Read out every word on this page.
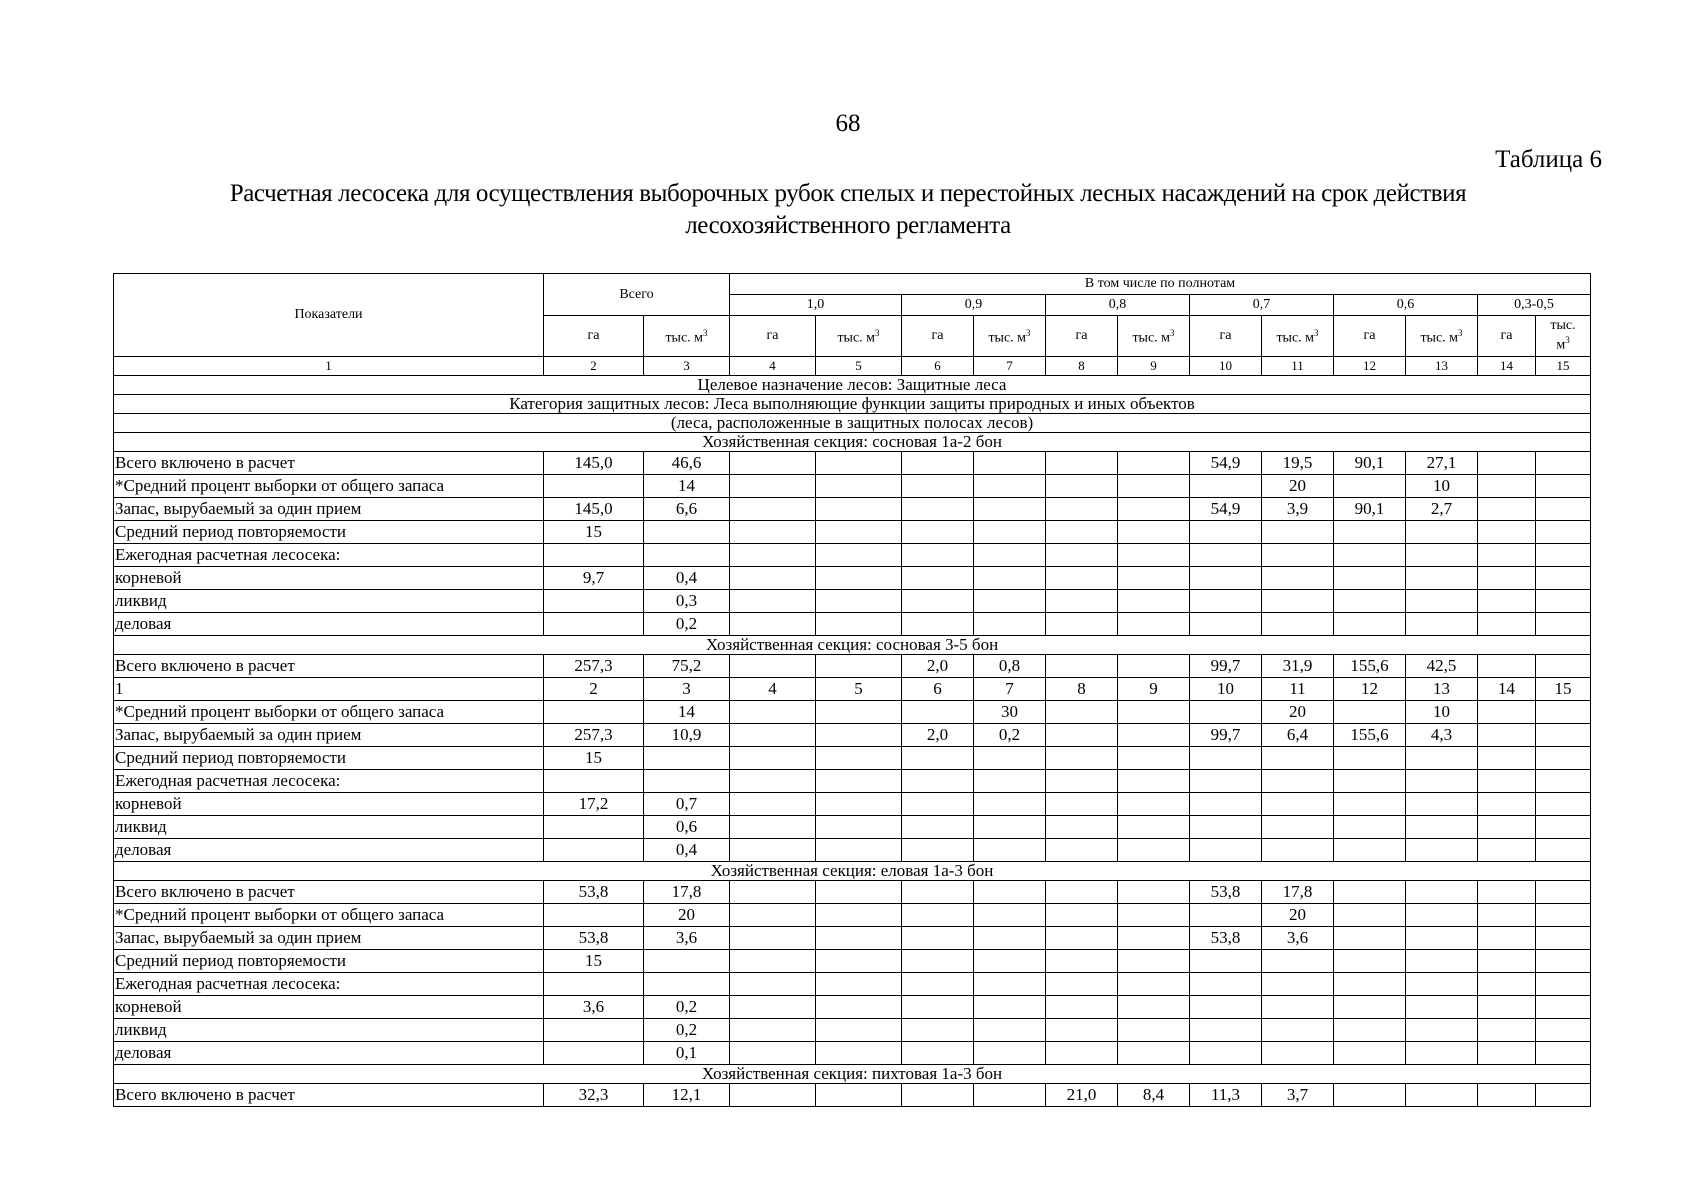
68
Таблица 6
Расчетная лесосека для осуществления выборочных рубок спелых и перестойных лесных насаждений на срок действия
лесохозяйственного регламента
Показатели	Всего		В том числе по полнотам											
			1,0		0,9		0,8		0,7		0,6		0,3-0,5	
	га	тыс. $м^3$	га	тыс. $м^3$	га	тыс. $м^3$	га	тыс. $м^3$	га	тыс. $м^3$	га	тыс. $м^3$	га	тыс.
$м^3$

1	2	3	4	5	6	7	8	9	10	11	12	13	14	15
Целевое назначение лесов: Защитные леса														
Категория защитных лесов: Леса выполняющие функции защиты природных и иных объектов														
(леса, расположенные в защитных полосах лесов)														
Хозяйственная секция: сосновая 1а-2 бон														
Всего включено в расчет	145,0	46,6							54,9	19,5	90,1	27,1		
*Средний процент выборки от общего запаса		14								20		10		
Запас, вырубаемый за один прием	145,0	6,6							54,9	3,9	90,1	2,7		
Средний период повторяемости	15													
Ежегодная расчетная лесосека:														
корневой	9,7	0,4												
ликвид		0,3												
деловая		0,2												
Хозяйственная секция: сосновая 3-5 бон														
Всего включено в расчет	257,3	75,2			2,0	0,8			99,7	31,9	155,6	42,5		
1	2	3	4	5	6	7	8	9	10	11	12	13	14	15
*Средний процент выборки от общего запаса		14				30				20		10		
Запас, вырубаемый за один прием	257,3	10,9			2,0	0,2			99,7	6,4	155,6	4,3		
Средний период повторяемости	15													
Ежегодная расчетная лесосека:														
корневой	17,2	0,7												
ликвид		0,6												
деловая		0,4												
Хозяйственная секция: еловая 1а-3 бон														
Всего включено в расчет	53,8	17,8							53,8	17,8				
*Средний процент выборки от общего запаса		20								20				
Запас, вырубаемый за один прием	53,8	3,6							53,8	3,6				
Средний период повторяемости	15													
Ежегодная расчетная лесосека:														
корневой	3,6	0,2												
ликвид		0,2												
деловая		0,1												
Хозяйственная секция: пихтовая 1а-3 бон														
Всего включено в расчет	32,3	12,1					21,0	8,4	11,3	3,7				
